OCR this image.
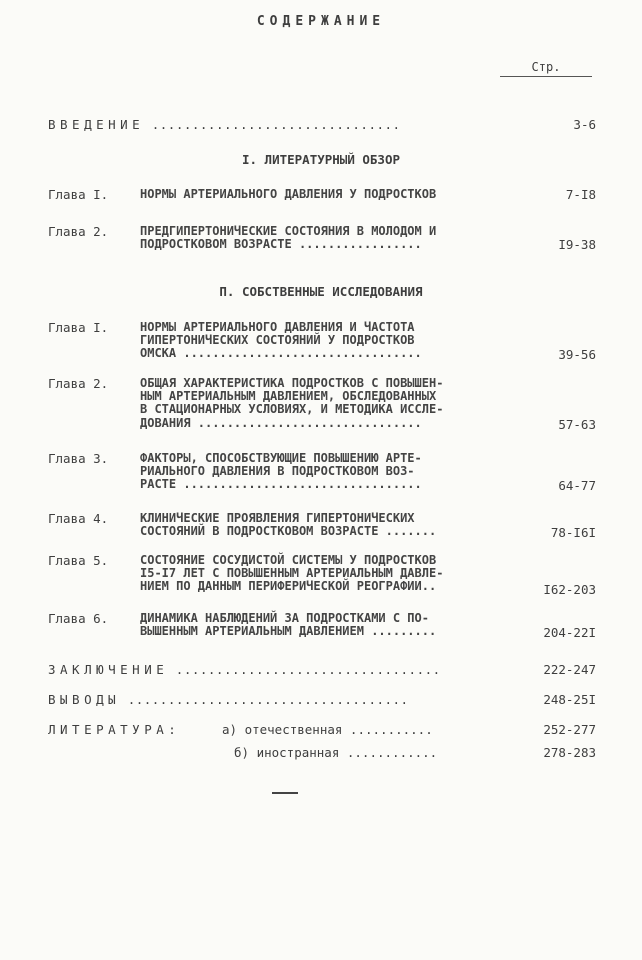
СОДЕРЖАНИЕ
Стр.
ВВЕДЕНИЕ ...............................	3-6
I. ЛИТЕРАТУРНЫЙ ОБЗОР
Глава I.	НОРМЫ АРТЕРИАЛЬНОГО ДАВЛЕНИЯ У ПОДРОСТКОВ	7-I8
Глава 2.	ПРЕДГИПЕРТОНИЧЕСКИЕ СОСТОЯНИЯ В МОЛОДОМ И
ПОДРОСТКОВОМ ВОЗРАСТЕ .................	I9-38
П. СОБСТВЕННЫЕ ИССЛЕДОВАНИЯ
Глава I.	НОРМЫ АРТЕРИАЛЬНОГО ДАВЛЕНИЯ И ЧАСТОТА
ГИПЕРТОНИЧЕСКИХ СОСТОЯНИЙ У ПОДРОСТКОВ
ОМСКА .................................	39-56
Глава 2.	ОБЩАЯ ХАРАКТЕРИСТИКА ПОДРОСТКОВ С ПОВЫШЕН-
НЫМ АРТЕРИАЛЬНЫМ ДАВЛЕНИЕМ, ОБСЛЕДОВАННЫХ
В СТАЦИОНАРНЫХ УСЛОВИЯХ, И МЕТОДИКА ИССЛЕ-
ДОВАНИЯ ...............................	57-63
Глава 3.	ФАКТОРЫ, СПОСОБСТВУЮЩИЕ ПОВЫШЕНИЮ АРТЕ-
РИАЛЬНОГО ДАВЛЕНИЯ В ПОДРОСТКОВОМ ВОЗ-
РАСТЕ .................................	64-77
Глава 4.	КЛИНИЧЕСКИЕ ПРОЯВЛЕНИЯ ГИПЕРТОНИЧЕСКИХ
СОСТОЯНИЙ В ПОДРОСТКОВОМ ВОЗРАСТЕ .......	78-I6I
Глава 5.	СОСТОЯНИЕ СОСУДИСТОЙ СИСТЕМЫ У ПОДРОСТКОВ
I5-I7 ЛЕТ С ПОВЫШЕННЫМ АРТЕРИАЛЬНЫМ ДАВЛЕ-
НИЕМ ПО ДАННЫМ ПЕРИФЕРИЧЕСКОЙ РЕОГРАФИИ..	I62-203
Глава 6.	ДИНАМИКА НАБЛЮДЕНИЙ ЗА ПОДРОСТКАМИ С ПО-
ВЫШЕННЫМ АРТЕРИАЛЬНЫМ ДАВЛЕНИЕМ .........	204-22I
ЗАКЛЮЧЕНИЕ .................................	222-247
ВЫВОДЫ ...................................	248-25I
ЛИТЕРАТУРА:	а) отечественная ...........	252-277
б) иностранная ............	278-283
